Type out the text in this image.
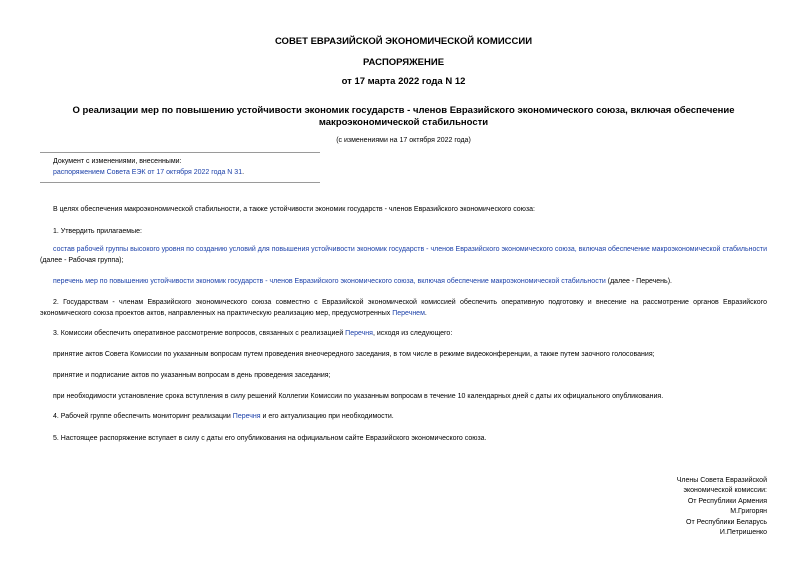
СОВЕТ ЕВРАЗИЙСКОЙ ЭКОНОМИЧЕСКОЙ КОМИССИИ
РАСПОРЯЖЕНИЕ
от 17 марта 2022 года N 12
О реализации мер по повышению устойчивости экономик государств - членов Евразийского экономического союза, включая обеспечение макроэкономической стабильности
(с изменениями на 17 октября 2022 года)
Документ с изменениями, внесенными:
распоряжением Совета ЕЭК от 17 октября 2022 года N 31.
В целях обеспечения макроэкономической стабильности, а также устойчивости экономик государств - членов Евразийского экономического союза:
1. Утвердить прилагаемые:
состав рабочей группы высокого уровня по созданию условий для повышения устойчивости экономик государств - членов Евразийского экономического союза, включая обеспечение макроэкономической стабильности (далее - Рабочая группа);
перечень мер по повышению устойчивости экономик государств - членов Евразийского экономического союза, включая обеспечение макроэкономической стабильности (далее - Перечень).
2. Государствам - членам Евразийского экономического союза совместно с Евразийской экономической комиссией обеспечить оперативную подготовку и внесение на рассмотрение органов Евразийского экономического союза проектов актов, направленных на практическую реализацию мер, предусмотренных Перечнем.
3. Комиссии обеспечить оперативное рассмотрение вопросов, связанных с реализацией Перечня, исходя из следующего:
принятие актов Совета Комиссии по указанным вопросам путем проведения внеочередного заседания, в том числе в режиме видеоконференции, а также путем заочного голосования;
принятие и подписание актов по указанным вопросам в день проведения заседания;
при необходимости установление срока вступления в силу решений Коллегии Комиссии по указанным вопросам в течение 10 календарных дней с даты их официального опубликования.
4. Рабочей группе обеспечить мониторинг реализации Перечня и его актуализацию при необходимости.
5. Настоящее распоряжение вступает в силу с даты его опубликования на официальном сайте Евразийского экономического союза.
Члены Совета Евразийской
экономической комиссии:
От Республики Армения
М.Григорян
От Республики Беларусь
И.Петришенко
